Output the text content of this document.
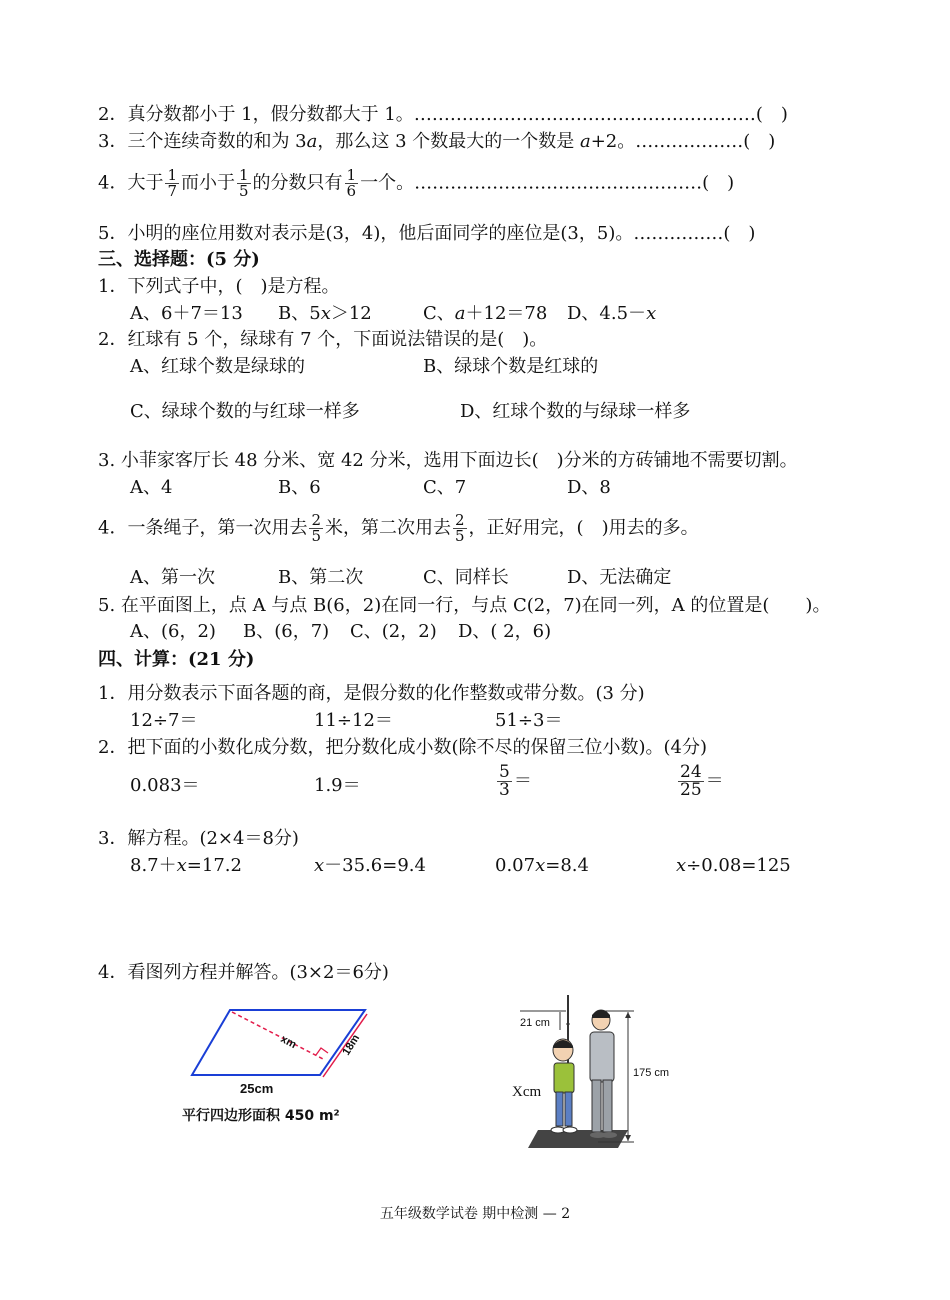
2．真分数都小于 1，假分数都大于 1。…………………………………………………(　)
3．三个连续奇数的和为 3a，那么这 3 个数最大的一个数是 a+2。………………(　)
4．大于 $\frac{1}{7}$ 而小于 $\frac{1}{5}$ 的分数只有 $\frac{1}{6}$ 一个。…………………………………………(　)
5．小明的座位用数对表示是(3，4)，他后面同学的座位是(3，5)。……………(　)
三、选择题：(5 分)
1．下列式子中，(　)是方程。
A、6＋7＝13 B、5x＞12	C、a＋12＝78 D、4.5－x
2．红球有 5 个，绿球有 7 个，下面说法错误的是(　)。
A、红球个数是绿球的	B、绿球个数是红球的
C、绿球个数的与红球一样多	D、红球个数的与绿球一样多
3. 小菲家客厅长 48 分米、宽 42 分米，选用下面边长(　)分米的方砖铺地不需要切割。
A、4	B、6	C、7	D、8
4．一条绳子，第一次用去 $\frac{2}{5}$ 米，第二次用去 $\frac{2}{5}$ ，正好用完，(　)用去的多。
A、第一次	B、第二次	C、同样长	D、无法确定
5. 在平面图上，点 A 与点 B(6，2)在同一行，与点 C(2，7)在同一列，A 的位置是(　　)。
A、(6，2) B、(6，7) C、(2，2) D、( 2，6)
四、计算：(21 分)
1．用分数表示下面各题的商，是假分数的化作整数或带分数。(3 分)
12÷7＝	11÷12＝	51÷3＝
2．把下面的小数化成分数，把分数化成小数(除不尽的保留三位小数)。(4分)
0.083＝	1.9＝	$\frac{5}{3}$ ＝	$\frac{24}{25}$ ＝
3．解方程。(2×4＝8分)
8.7＋x=17.2	x－35.6=9.4	0.07x=8.4	x÷0.08=125
4．看图列方程并解答。(3×2＝6分)
xm	18m
25cm
平行四边形面积 450 m²
21 cm
175 cm
Xcm
五年级数学试卷 期中检测 — 2
